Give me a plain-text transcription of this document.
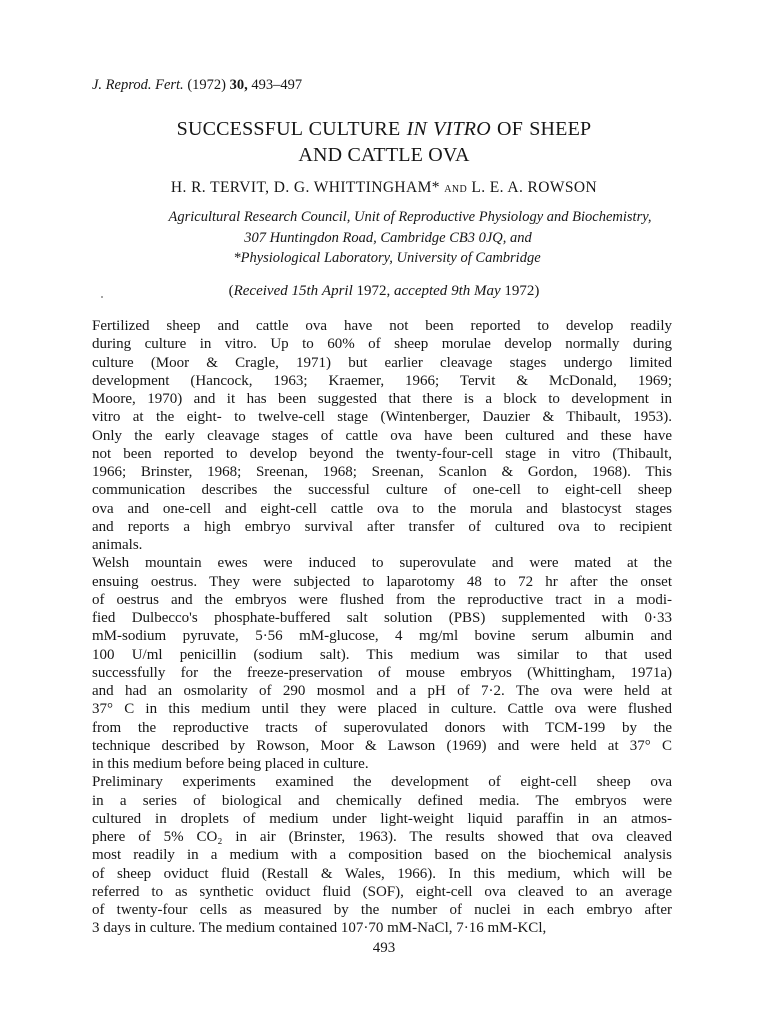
J. Reprod. Fert. (1972) 30, 493–497
SUCCESSFUL CULTURE IN VITRO OF SHEEP
AND CATTLE OVA
H. R. TERVIT, D. G. WHITTINGHAM* and L. E. A. ROWSON
Agricultural Research Council, Unit of Reproductive Physiology and Biochemistry,
307 Huntingdon Road, Cambridge CB3 0JQ, and
*Physiological Laboratory, University of Cambridge
(Received 15th April 1972, accepted 9th May 1972)
Fertilized sheep and cattle ova have not been reported to develop readily
during culture in vitro. Up to 60% of sheep morulae develop normally during
culture (Moor & Cragle, 1971) but earlier cleavage stages undergo limited
development (Hancock, 1963; Kraemer, 1966; Tervit & McDonald, 1969;
Moore, 1970) and it has been suggested that there is a block to development in
vitro at the eight- to twelve-cell stage (Wintenberger, Dauzier & Thibault, 1953).
Only the early cleavage stages of cattle ova have been cultured and these have
not been reported to develop beyond the twenty-four-cell stage in vitro (Thibault,
1966; Brinster, 1968; Sreenan, 1968; Sreenan, Scanlon & Gordon, 1968). This
communication describes the successful culture of one-cell to eight-cell sheep
ova and one-cell and eight-cell cattle ova to the morula and blastocyst stages
and reports a high embryo survival after transfer of cultured ova to recipient
animals.
Welsh mountain ewes were induced to superovulate and were mated at the
ensuing oestrus. They were subjected to laparotomy 48 to 72 hr after the onset
of oestrus and the embryos were flushed from the reproductive tract in a modi-
fied Dulbecco's phosphate-buffered salt solution (PBS) supplemented with 0·33
mM-sodium pyruvate, 5·56 mM-glucose, 4 mg/ml bovine serum albumin and
100 U/ml penicillin (sodium salt). This medium was similar to that used
successfully for the freeze-preservation of mouse embryos (Whittingham, 1971a)
and had an osmolarity of 290 mosmol and a pH of 7·2. The ova were held at
37° C in this medium until they were placed in culture. Cattle ova were flushed
from the reproductive tracts of superovulated donors with TCM-199 by the
technique described by Rowson, Moor & Lawson (1969) and were held at 37° C
in this medium before being placed in culture.
Preliminary experiments examined the development of eight-cell sheep ova
in a series of biological and chemically defined media. The embryos were
cultured in droplets of medium under light-weight liquid paraffin in an atmos-
phere of 5% CO₂ in air (Brinster, 1963). The results showed that ova cleaved
most readily in a medium with a composition based on the biochemical analysis
of sheep oviduct fluid (Restall & Wales, 1966). In this medium, which will be
referred to as synthetic oviduct fluid (SOF), eight-cell ova cleaved to an average
of twenty-four cells as measured by the number of nuclei in each embryo after
3 days in culture. The medium contained 107·70 mM-NaCl, 7·16 mM-KCl,
493
